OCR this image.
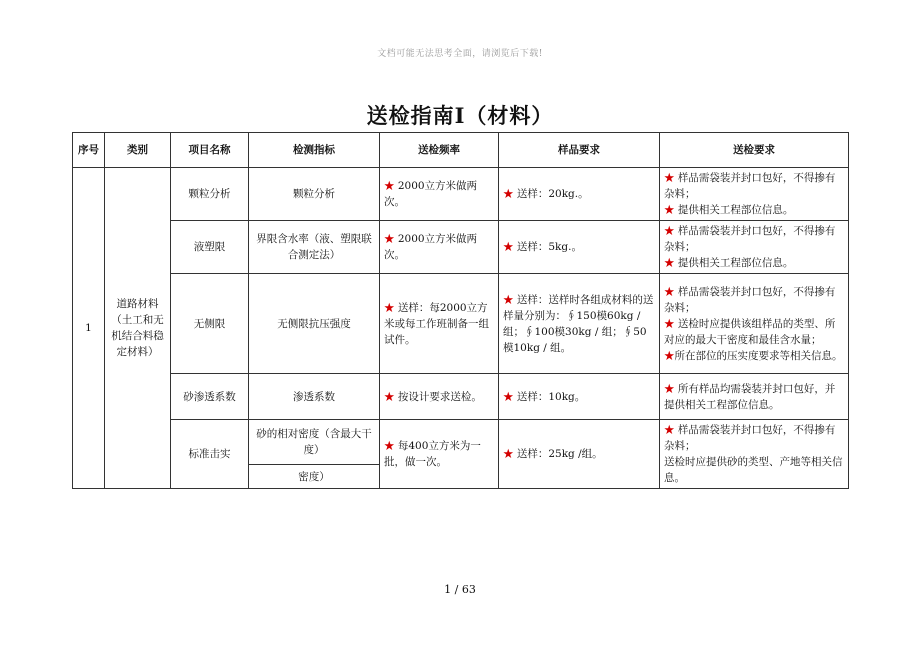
文档可能无法思考全面，请浏览后下载!
送检指南Ⅰ（材料）
序号	类别	项目名称	检测指标	送检频率	样品要求	送检要求
1	道路材料（土工和无机结合料稳定材料）	颗粒分析	颗粒分析	★ 2000立方米做两次。	★ 送样：20kg.。	★ 样品需袋装并封口包好，不得掺有杂料；
★ 提供相关工程部位信息。

		液塑限	界限含水率（液、塑限联合测定法）	★ 2000立方米做两次。	★ 送样：5kg.。	★ 样品需袋装并封口包好，不得掺有杂料；
★ 提供相关工程部位信息。

		无侧限	无侧限抗压强度	★ 送样：每2000立方米或每工作班制备一组试件。	★ 送样：送样时各组成材料的送样量分别为：∮150模60kg / 组；∮100模30kg / 组；∮50模10kg / 组。	★ 样品需袋装并封口包好，不得掺有杂料；
★ 送检时应提供该组样品的类型、所对应的最大干密度和最佳含水量；
★所在部位的压实度要求等相关信息。

		砂渗透系数	渗透系数	★ 按设计要求送检。	★ 送样：10kg。	★ 所有样品均需袋装并封口包好，并提供相关工程部位信息。

		标准击实	砂的相对密度（含最大干度）	★ 每400立方米为一批，做一次。	★ 送样：25kg /组。	★ 样品需袋装并封口包好，不得掺有杂料；
送检时应提供砂的类型、产地等相关信息。

			密度）			
1 / 63
